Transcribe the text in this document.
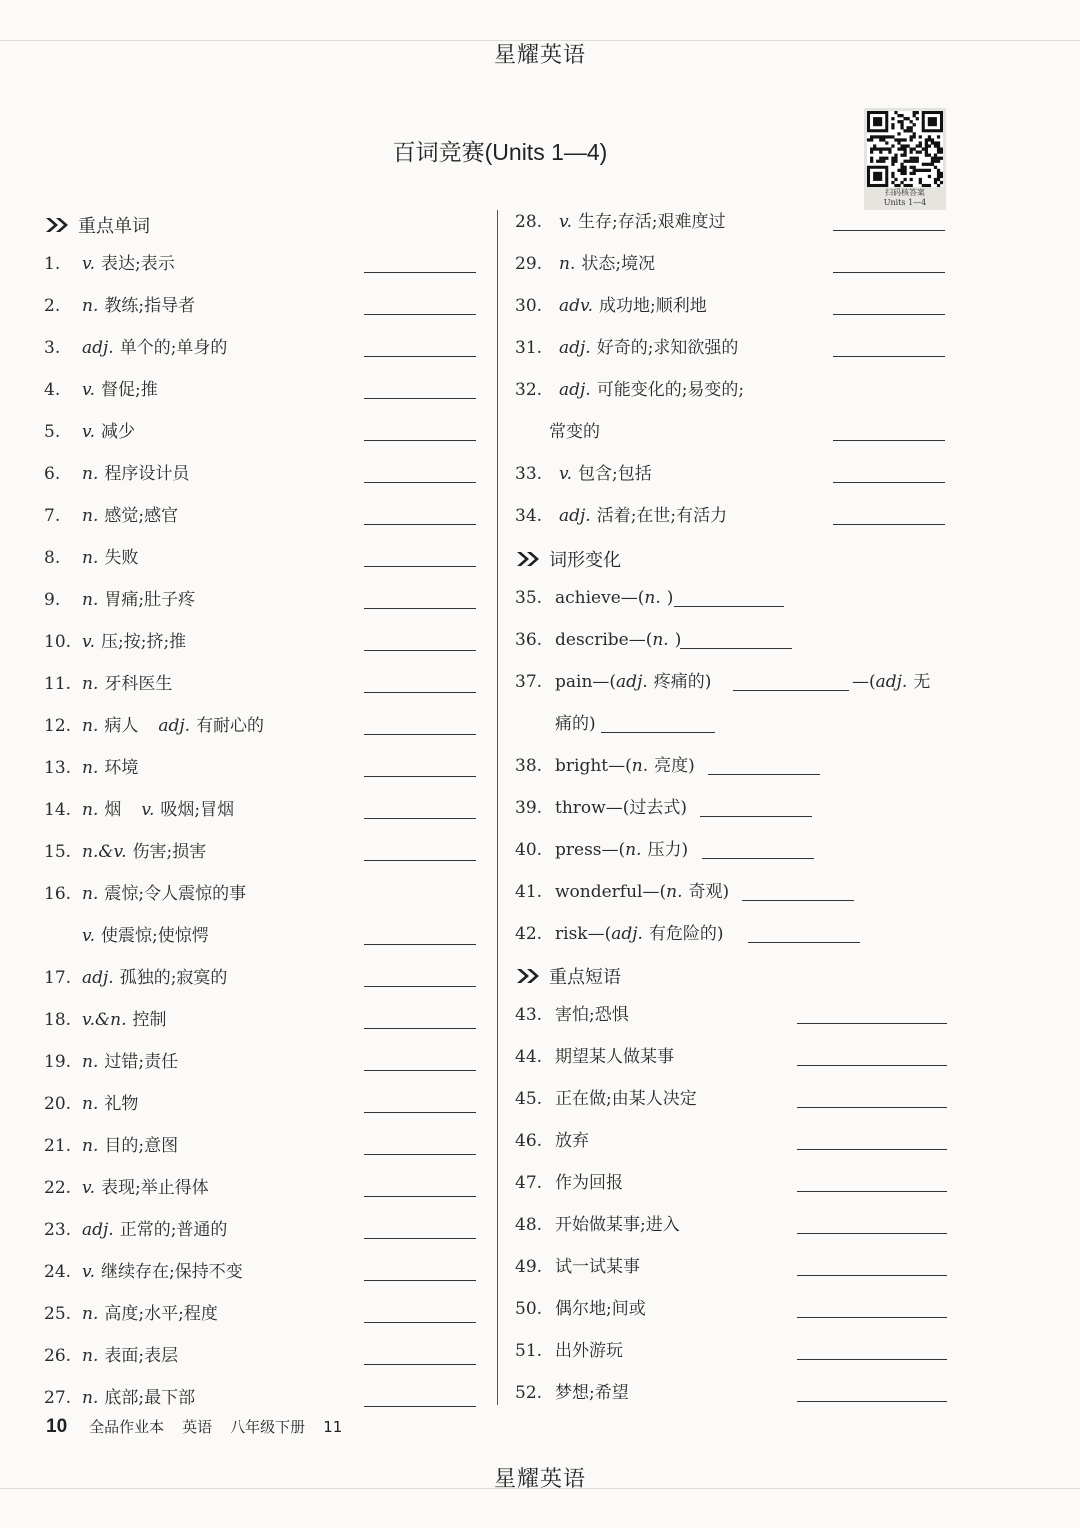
星耀英语
百词竞赛(Units 1—4)
扫码核答案
Units 1—4
重点单词
1. v. 表达;表示
2. n. 教练;指导者
3. adj. 单个的;单身的
4. v. 督促;推
5. v. 减少
6. n. 程序设计员
7. n. 感觉;感官
8. n. 失败
9. n. 胃痛;肚子疼
10. v. 压;按;挤;推
11. n. 牙科医生
12. n. 病人 adj. 有耐心的
13. n. 环境
14. n. 烟 v. 吸烟;冒烟
15. n.&v. 伤害;损害
16. n. 震惊;令人震惊的事
v. 使震惊;使惊愕
17. adj. 孤独的;寂寞的
18. v.&n. 控制
19. n. 过错;责任
20. n. 礼物
21. n. 目的;意图
22. v. 表现;举止得体
23. adj. 正常的;普通的
24. v. 继续存在;保持不变
25. n. 高度;水平;程度
26. n. 表面;表层
27. n. 底部;最下部
28. v. 生存;存活;艰难度过
29. n. 状态;境况
30. adv. 成功地;顺利地
31. adj. 好奇的;求知欲强的
32. adj. 可能变化的;易变的;
常变的
33. v. 包含;包括
34. adj. 活着;在世;有活力
词形变化
35. achieve—(n. )
36. describe—(n. )
37. pain—(adj. 疼痛的)	—(adj. 无
痛的)
38. bright—(n. 亮度)
39. throw—(过去式)
40. press—(n. 压力)
41. wonderful—(n. 奇观)
42. risk—(adj. 有危险的)
重点短语
43. 害怕;恐惧
44. 期望某人做某事
45. 正在做;由某人决定
46. 放弃
47. 作为回报
48. 开始做某事;进入
49. 试一试某事
50. 偶尔地;间或
51. 出外游玩
52. 梦想;希望
10 全品作业本 英语 八年级下册 11
星耀英语
